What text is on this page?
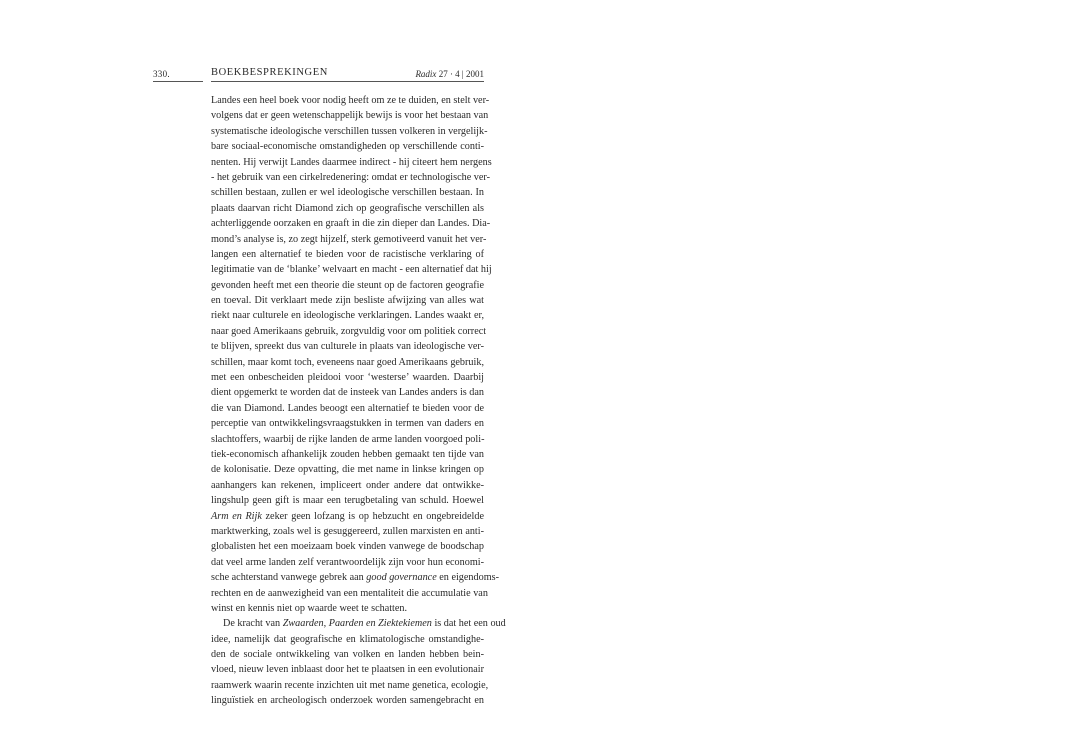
330.	BOEKBESPREKINGEN	Radix 27 · 4 | 2001
Landes een heel boek voor nodig heeft om ze te duiden, en stelt ver-
volgens dat er geen wetenschappelijk bewijs is voor het bestaan van
systematische ideologische verschillen tussen volkeren in vergelijk-
bare sociaal-economische omstandigheden op verschillende conti-
nenten. Hij verwijt Landes daarmee indirect - hij citeert hem nergens
- het gebruik van een cirkelredenering: omdat er technologische ver-
schillen bestaan, zullen er wel ideologische verschillen bestaan. In
plaats daarvan richt Diamond zich op geografische verschillen als
achterliggende oorzaken en graaft in die zin dieper dan Landes. Dia-
mond’s analyse is, zo zegt hijzelf, sterk gemotiveerd vanuit het ver-
langen een alternatief te bieden voor de racistische verklaring of
legitimatie van de ‘blanke’ welvaart en macht - een alternatief dat hij
gevonden heeft met een theorie die steunt op de factoren geografie
en toeval. Dit verklaart mede zijn besliste afwijzing van alles wat
riekt naar culturele en ideologische verklaringen. Landes waakt er,
naar goed Amerikaans gebruik, zorgvuldig voor om politiek correct
te blijven, spreekt dus van culturele in plaats van ideologische ver-
schillen, maar komt toch, eveneens naar goed Amerikaans gebruik,
met een onbescheiden pleidooi voor ‘westerse’ waarden. Daarbij
dient opgemerkt te worden dat de insteek van Landes anders is dan
die van Diamond. Landes beoogt een alternatief te bieden voor de
perceptie van ontwikkelingsvraagstukken in termen van daders en
slachtoffers, waarbij de rijke landen de arme landen voorgoed poli-
tiek-economisch afhankelijk zouden hebben gemaakt ten tijde van
de kolonisatie. Deze opvatting, die met name in linkse kringen op
aanhangers kan rekenen, impliceert onder andere dat ontwikke-
lingshulp geen gift is maar een terugbetaling van schuld. Hoewel
Arm en Rijk zeker geen lofzang is op hebzucht en ongebreidelde
marktwerking, zoals wel is gesuggereerd, zullen marxisten en anti-
globalisten het een moeizaam boek vinden vanwege de boodschap
dat veel arme landen zelf verantwoordelijk zijn voor hun economi-
sche achterstand vanwege gebrek aan good governance en eigendoms-
rechten en de aanwezigheid van een mentaliteit die accumulatie van
winst en kennis niet op waarde weet te schatten.
De kracht van Zwaarden, Paarden en Ziektekiemen is dat het een oud
idee, namelijk dat geografische en klimatologische omstandighe-
den de sociale ontwikkeling van volken en landen hebben bein-
vloed, nieuw leven inblaast door het te plaatsen in een evolutionair
raamwerk waarin recente inzichten uit met name genetica, ecologie,
linguïstiek en archeologisch onderzoek worden samengebracht en
